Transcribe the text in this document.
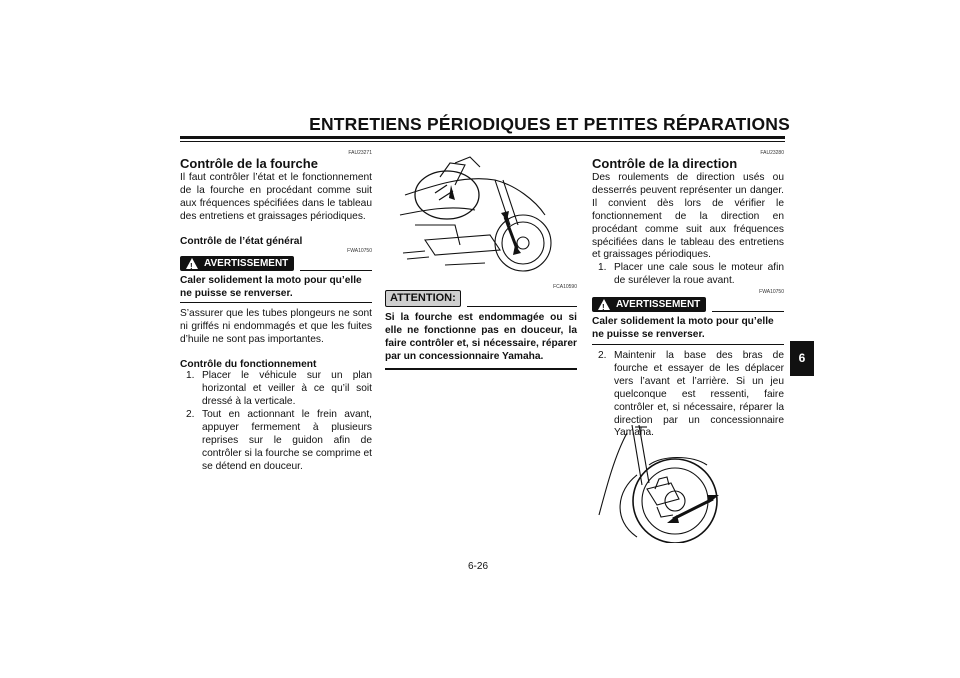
ENTRETIENS PÉRIODIQUES ET PETITES RÉPARATIONS
6
FAU23271
Contrôle de la fourche
Il faut contrôler l’état et le fonctionnement de la fourche en procédant comme suit aux fréquences spécifiées dans le tableau des entretiens et graissages périodiques.
Contrôle de l’état général
FWA10750
!
AVERTISSEMENT
Caler solidement la moto pour qu’elle ne puisse se renverser.
S’assurer que les tubes plongeurs ne sont ni griffés ni endommagés et que les fuites d’huile ne sont pas importantes.
Contrôle du fonctionnement
1. Placer le véhicule sur un plan horizontal et veiller à ce qu’il soit dressé à la verticale.
2. Tout en actionnant le frein avant, appuyer fermement à plusieurs reprises sur le guidon afin de contrôler si la fourche se comprime et se détend en douceur.
FCA10590
ATTENTION:
Si la fourche est endommagée ou si elle ne fonctionne pas en douceur, la faire contrôler et, si nécessaire, réparer par un concessionnaire Yamaha.
FAU23280
Contrôle de la direction
Des roulements de direction usés ou desserrés peuvent représenter un danger. Il convient dès lors de vérifier le fonctionnement de la direction en procédant comme suit aux fréquences spécifiées dans le tableau des entretiens et graissages périodiques.
1. Placer une cale sous le moteur afin de surélever la roue avant.
FWA10750
!
AVERTISSEMENT
Caler solidement la moto pour qu’elle ne puisse se renverser.
2. Maintenir la base des bras de fourche et essayer de les déplacer vers l’avant et l’arrière. Si un jeu quelconque est ressenti, faire contrôler et, si nécessaire, réparer la direction par un concessionnaire Yamaha.
6-26
